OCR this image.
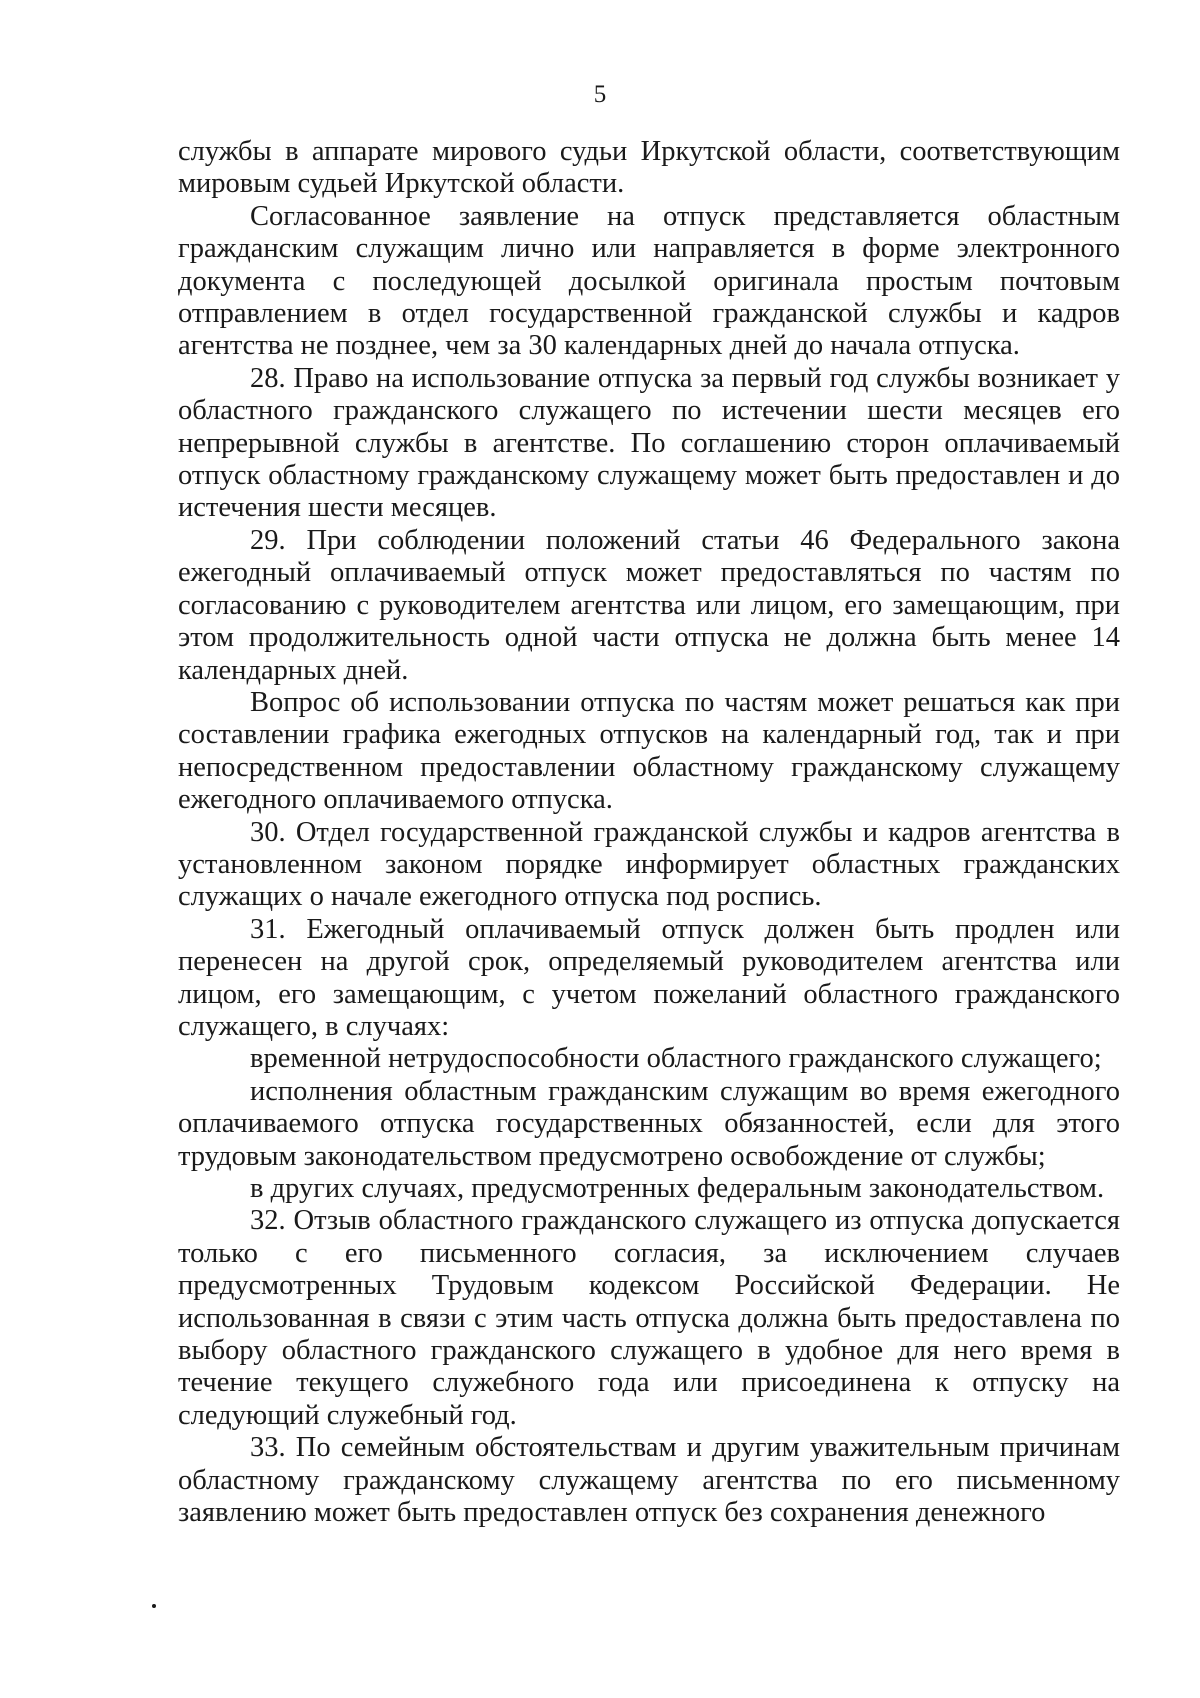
5

службы в аппарате мирового судьи Иркутской области, соответствующим мировым судьей Иркутской области.

Согласованное заявление на отпуск представляется областным гражданским служащим лично или направляется в форме электронного документа с последующей досылкой оригинала простым почтовым отправлением в отдел государственной гражданской службы и кадров агентства не позднее, чем за 30 календарных дней до начала отпуска.

28. Право на использование отпуска за первый год службы возникает у областного гражданского служащего по истечении шести месяцев его непрерывной службы в агентстве. По соглашению сторон оплачиваемый отпуск областному гражданскому служащему может быть предоставлен и до истечения шести месяцев.

29. При соблюдении положений статьи 46 Федерального закона ежегодный оплачиваемый отпуск может предоставляться по частям по согласованию с руководителем агентства или лицом, его замещающим, при этом продолжительность одной части отпуска не должна быть менее 14 календарных дней.

Вопрос об использовании отпуска по частям может решаться как при составлении графика ежегодных отпусков на календарный год, так и при непосредственном предоставлении областному гражданскому служащему ежегодного оплачиваемого отпуска.

30. Отдел государственной гражданской службы и кадров агентства в установленном законом порядке информирует областных гражданских служащих о начале ежегодного отпуска под роспись.

31. Ежегодный оплачиваемый отпуск должен быть продлен или перенесен на другой срок, определяемый руководителем агентства или лицом, его замещающим, с учетом пожеланий областного гражданского служащего, в случаях:

временной нетрудоспособности областного гражданского служащего;

исполнения областным гражданским служащим во время ежегодного оплачиваемого отпуска государственных обязанностей, если для этого трудовым законодательством предусмотрено освобождение от службы;

в других случаях, предусмотренных федеральным законодательством.

32. Отзыв областного гражданского служащего из отпуска допускается только с его письменного согласия, за исключением случаев предусмотренных Трудовым кодексом Российской Федерации. Не использованная в связи с этим часть отпуска должна быть предоставлена по выбору областного гражданского служащего в удобное для него время в течение текущего служебного года или присоединена к отпуску на следующий служебный год.

33. По семейным обстоятельствам и другим уважительным причинам областному гражданскому служащему агентства по его письменному заявлению может быть предоставлен отпуск без сохранения денежного
